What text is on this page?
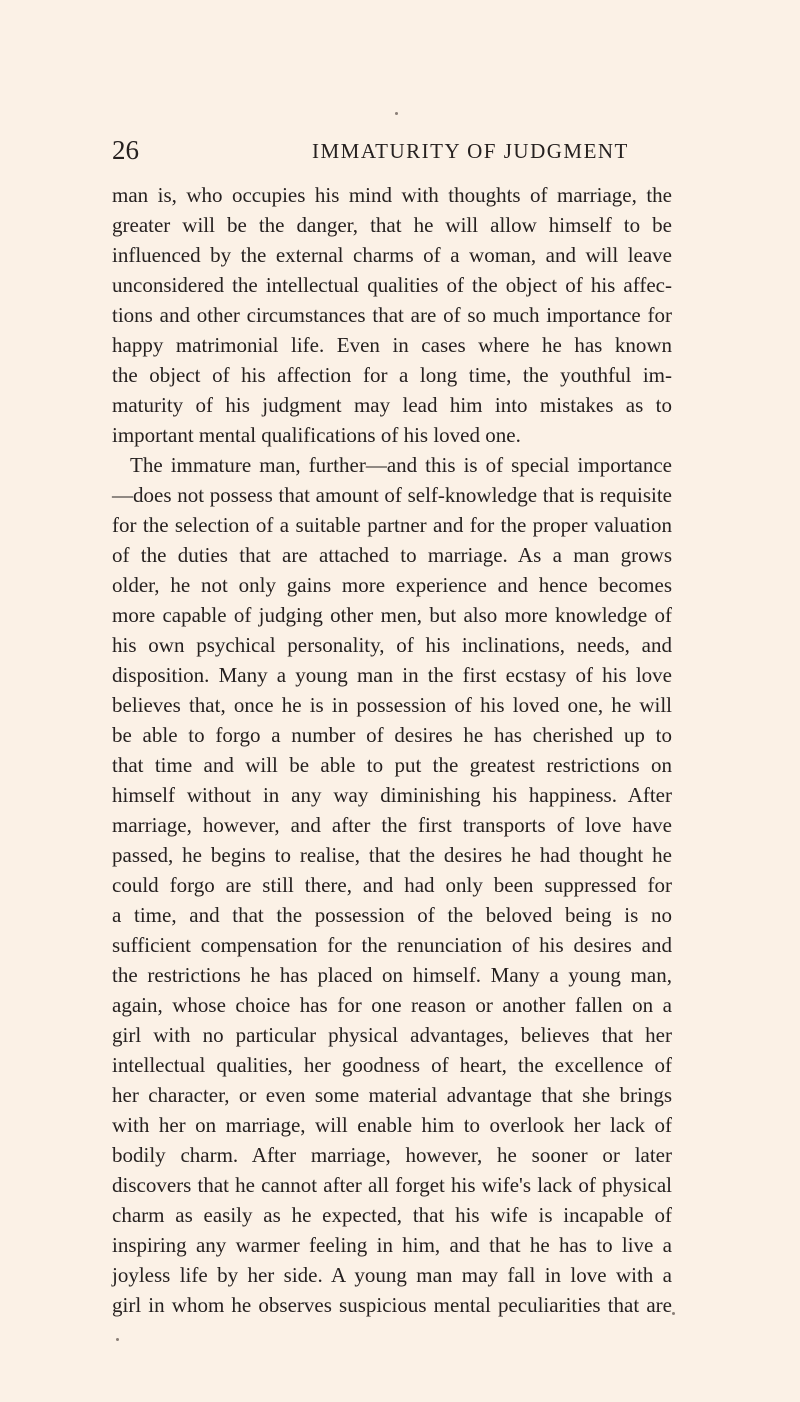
26	IMMATURITY OF JUDGMENT
man is, who occupies his mind with thoughts of marriage, the
greater will be the danger, that he will allow himself to be
influenced by the external charms of a woman, and will leave
unconsidered the intellectual qualities of the object of his affec-
tions and other circumstances that are of so much importance for
happy matrimonial life. Even in cases where he has known
the object of his affection for a long time, the youthful im-
maturity of his judgment may lead him into mistakes as to
important mental qualifications of his loved one.
The immature man, further—and this is of special importance
—does not possess that amount of self-knowledge that is requisite
for the selection of a suitable partner and for the proper valuation
of the duties that are attached to marriage. As a man grows
older, he not only gains more experience and hence becomes
more capable of judging other men, but also more knowledge of
his own psychical personality, of his inclinations, needs, and
disposition. Many a young man in the first ecstasy of his love
believes that, once he is in possession of his loved one, he will
be able to forgo a number of desires he has cherished up to
that time and will be able to put the greatest restrictions on
himself without in any way diminishing his happiness. After
marriage, however, and after the first transports of love have
passed, he begins to realise, that the desires he had thought he
could forgo are still there, and had only been suppressed for
a time, and that the possession of the beloved being is no
sufficient compensation for the renunciation of his desires and
the restrictions he has placed on himself. Many a young man,
again, whose choice has for one reason or another fallen on a
girl with no particular physical advantages, believes that her
intellectual qualities, her goodness of heart, the excellence of
her character, or even some material advantage that she brings
with her on marriage, will enable him to overlook her lack of
bodily charm. After marriage, however, he sooner or later
discovers that he cannot after all forget his wife's lack of physical
charm as easily as he expected, that his wife is incapable of
inspiring any warmer feeling in him, and that he has to live a
joyless life by her side. A young man may fall in love with a
girl in whom he observes suspicious mental peculiarities that are
